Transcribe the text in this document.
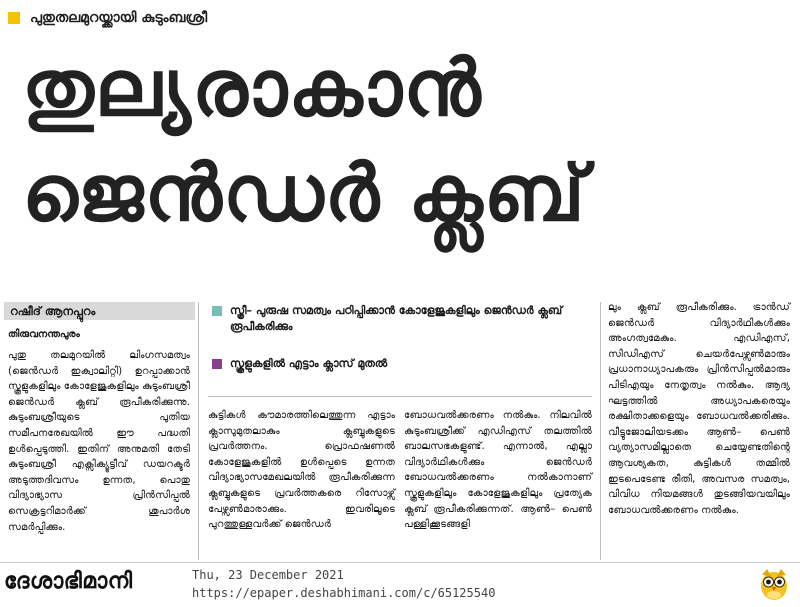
പുതുതലമുറയ്ക്കായി കുടുംബശ്രീ
തുല്യരാകാൻ
ജെൻഡർ ക്ലബ്
റഷീദ് ആനപ്പുറം
തിരുവനന്തപുരം

പുതു തലമുറയിൽ ലിംഗസമത്വം (ജെൻഡർ ഇക്വാലിറ്റി) ഉറപ്പാക്കാൻ സ്കൂളുകളിലും കോളേജുകളിലും കുടുംബശ്രീ ജെൻഡർ ക്ലബ് രൂപീകരിക്കുന്നു. കുടുംബശ്രീയുടെ പുതിയ സമീപനരേഖയിൽ ഈ പദ്ധതി ഉൾപ്പെടുത്തി. ഇതിന് അനുമതി തേടി കുടുംബശ്രീ എക്സിക്യൂട്ടീവ് ഡയറക്ടർ അടുത്തദിവസം ഉന്നത, പൊതു വിദ്യാഭ്യാസ പ്രിൻസിപ്പൽ സെക്രട്ടറിമാർക്ക് ശുപാർശ സമർപ്പിക്കും.

സ്ത്രീ– പുരുഷ സമത്വം പഠിപ്പിക്കാൻ കോളേജുകളിലും ജെൻഡർ ക്ലബ് രൂപീകരിക്കും
സ്കൂളുകളിൽ എട്ടാം ക്ലാസ് മുതൽ

കുട്ടികൾ കൗമാരത്തിലെത്തുന്ന എട്ടാം ക്ലാസുമുതലാകും ക്ലബ്ബുകളുടെ പ്രവർത്തനം. പ്രൊഫഷണൽ കോളേജുകളിൽ ഉൾപ്പെടെ ഉന്നത വിദ്യാഭ്യാസമേഖലയിൽ രൂപീകരിക്കുന്ന ക്ലബ്ബുകളുടെ പ്രവർത്തകരെ റിസോഴ്സ് പേഴ്സൺമാരാക്കും. ഇവരിലൂടെ പുറത്തുള്ളവർക്ക് ജെൻഡർ

ബോധവൽക്കരണം നൽകും. നിലവിൽ കുടുംബശ്രീക്ക് എഡിഎസ് തലത്തിൽ ബാലസഭകളുണ്ട്. എന്നാൽ, എല്ലാ വിദ്യാർഥികൾക്കും ജെൻഡർ ബോധവൽക്കരണം നൽകാനാണ് സ്കൂളുകളിലും കോളേജുകളിലും പ്രത്യേക ക്ലബ് രൂപീകരിക്കുന്നത്. ആൺ– പെൺ പള്ളിക്കൂടങ്ങളി

ലും ക്ലബ് രൂപീകരിക്കും. ട്രാൻഡ് ജെൻഡർ വിദ്യാർഥികൾക്കും അംഗത്വമേകും. എഡിഎസ്, സിഡിഎസ് ചെയർപേഴ്സൺമാരും പ്രധാനാധ്യാപകരും പ്രിൻസിപ്പൽമാരും പിടിഎയും നേതൃത്വം നൽകും. ആദ്യ ഘട്ടത്തിൽ അധ്യാപകരെയും രക്ഷിതാക്കളെയും ബോധവൽക്കരിക്കും. വീട്ടുജോലിയടക്കം ആൺ– പെൺ വ്യത്യാസമില്ലാതെ ചെയ്യേണ്ടതിന്റെ ആവശ്യകത, കുട്ടികൾ തമ്മിൽ ഇടപെടേണ്ട രീതി, അവസര സമത്വം, വിവിധ നിയമങ്ങൾ തുടങ്ങിയവയിലും ബോധവൽക്കരണം നൽകും.

ദേശാഭിമാനി	Thu, 23 December 2021
https://epaper.deshabhimani.com/c/65125540
